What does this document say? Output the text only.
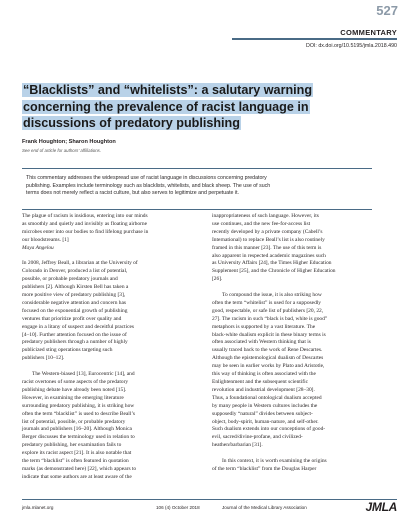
527
COMMENTARY
DOI: dx.doi.org/10.5195/jmla.2018.490
“Blacklists” and “whitelists”: a salutary warning
concerning the prevalence of racist language in
discussions of predatory publishing
Frank Houghton; Sharon Houghton
See end of article for authors’ affiliations.
This commentary addresses the widespread use of racist language in discussions concerning predatory
publishing. Examples include terminology such as blacklists, whitelists, and black sheep. The use of such
terms does not merely reflect a racist culture, but also serves to legitimize and perpetuate it.

The plague of racism is insidious, entering into our minds
as smoothly and quietly and invisibly as floating airborne
microbes enter into our bodies to find lifelong purchase in
our bloodstreams. [1]
Maya Angelou

In 2008, Jeffrey Beall, a librarian at the University of
Colorado in Denver, produced a list of potential,
possible, or probable predatory journals and
publishers [2]. Although Kirsten Bell has taken a
more positive view of predatory publishing [3],
considerable negative attention and concern has
focused on the exponential growth of publishing
ventures that prioritize profit over quality and
engage in a litany of suspect and deceitful practices
[4–10]. Further attention focused on the issue of
predatory publishers through a number of highly
publicized sting operations targeting such
publishers [10–12].

The Western-biased [13], Eurocentric [14], and
racist overtones of some aspects of the predatory
publishing debate have already been noted [15].
However, in examining the emerging literature
surrounding predatory publishing, it is striking how
often the term “blacklist” is used to describe Beall’s
list of potential, possible, or probable predatory
journals and publishers [16–20]. Although Monica
Berger discusses the terminology used in relation to
predatory publishing, her examination fails to
explore its racist aspect [21]. It is also notable that
the term “blacklist” is often featured in quotation
marks (as demonstrated here) [22], which appears to
indicate that some authors are at least aware of the

inappropriateness of such language. However, its
use continues, and the new fee-for-access list
recently developed by a private company (Cabell’s
International) to replace Beall’s list is also routinely
framed in this manner [23]. The use of this term is
also apparent in respected academic magazines such
as University Affairs [24], the Times Higher Education
Supplement [25], and the Chronicle of Higher Education
[26].

To compound the issue, it is also striking how
often the term “whitelist” is used for a supposedly
good, respectable, or safe list of publishers [20, 22,
27]. The racism in such “black is bad, white is good”
metaphors is supported by a vast literature. The
black-white dualism explicit in these binary terms is
often associated with Western thinking that is
usually traced back to the work of Rene Descartes.
Although the epistemological dualism of Descartes
may be seen in earlier works by Plato and Aristotle,
this way of thinking is often associated with the
Enlightenment and the subsequent scientific
revolution and industrial development [28–30].
Thus, a foundational ontological dualism accepted
by many people in Western cultures includes the
supposedly “natural” divides between subject-
object, body-spirit, human-nature, and self-other.
Such dualism extends into our conceptions of good-
evil, sacred/divine-profane, and civilized-
heathen/barbarian [31].

In this context, it is worth examining the origins
of the term “blacklist” from the Douglas Harper

jmla.mlanet.org	106 (4) October 2018	Journal of the Medical Library Association	JMLA
